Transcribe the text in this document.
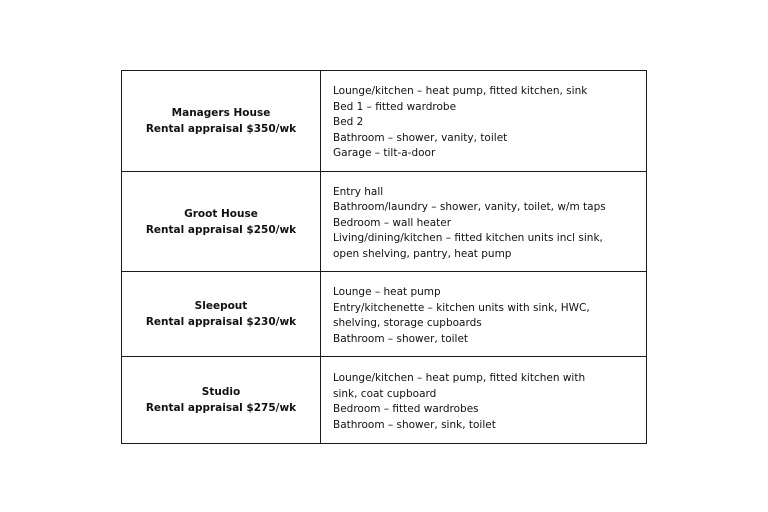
Managers House
Rental appraisal $350/wk
Lounge/kitchen – heat pump, fitted kitchen, sink
Bed 1 – fitted wardrobe
Bed 2
Bathroom – shower, vanity, toilet
Garage – tilt-a-door
Groot House
Rental appraisal $250/wk
Entry hall
Bathroom/laundry – shower, vanity, toilet, w/m taps
Bedroom – wall heater
Living/dining/kitchen – fitted kitchen units incl sink,
open shelving, pantry, heat pump
Sleepout
Rental appraisal $230/wk
Lounge – heat pump
Entry/kitchenette – kitchen units with sink, HWC,
shelving, storage cupboards
Bathroom – shower, toilet
Studio
Rental appraisal $275/wk
Lounge/kitchen – heat pump, fitted kitchen with
sink, coat cupboard
Bedroom – fitted wardrobes
Bathroom – shower, sink, toilet
